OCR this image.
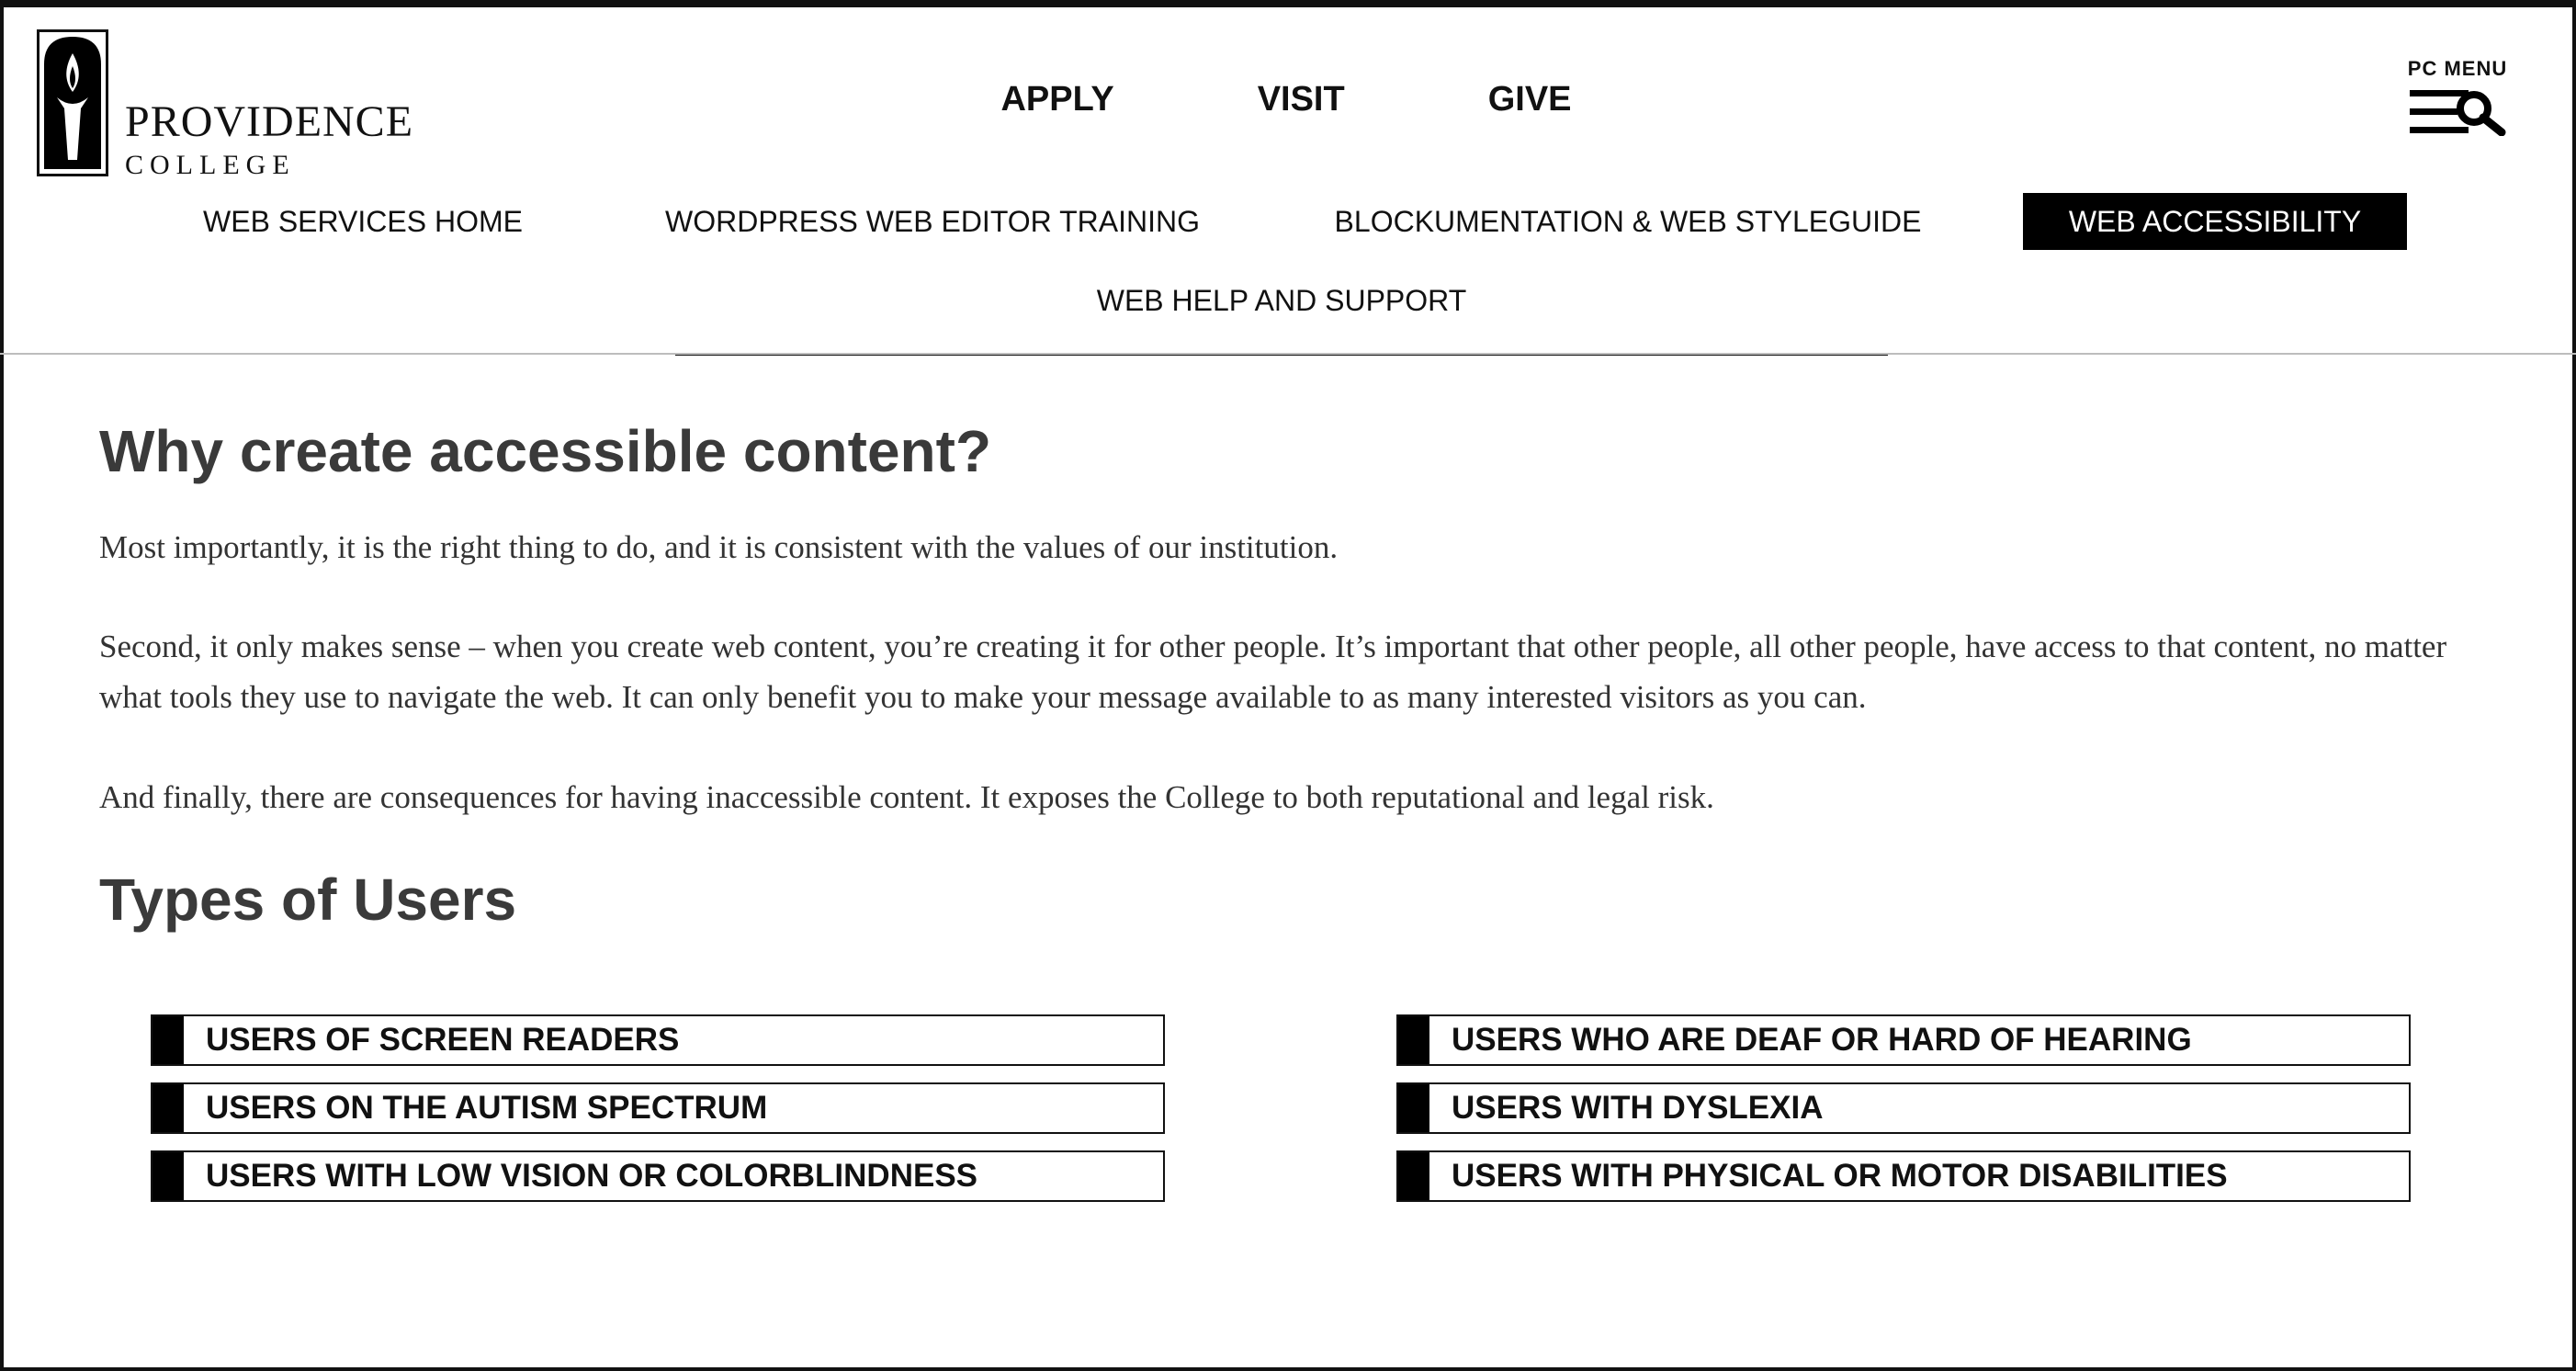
PROVIDENCE
COLLEGE
APPLY	VISIT	GIVE
PC MENU
WEB SERVICES HOME	WORDPRESS WEB EDITOR TRAINING	BLOCKUMENTATION & WEB STYLEGUIDE	WEB ACCESSIBILITY
WEB HELP AND SUPPORT
Why create accessible content?

Most importantly, it is the right thing to do, and it is consistent with the values of our institution.

Second, it only makes sense – when you create web content, you’re creating it for other people. It’s important that other people, all other people, have access to that content, no matter what tools they use to navigate the web. It can only benefit you to make your message available to as many interested visitors as you can.

And finally, there are consequences for having inaccessible content. It exposes the College to both reputational and legal risk.

Types of Users
USERS OF SCREEN READERS
USERS ON THE AUTISM SPECTRUM
USERS WITH LOW VISION OR COLORBLINDNESS
USERS WHO ARE DEAF OR HARD OF HEARING
USERS WITH DYSLEXIA
USERS WITH PHYSICAL OR MOTOR DISABILITIES
